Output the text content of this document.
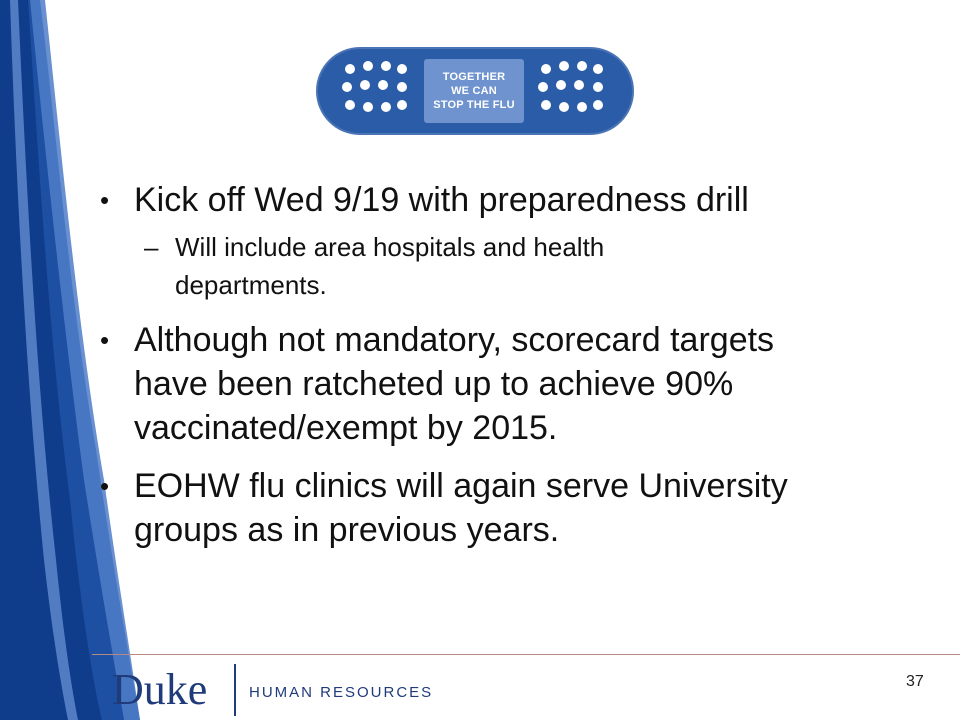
TOGETHER
WE CAN
STOP THE FLU
• Kick off Wed 9/19 with preparedness drill
– Will include area hospitals and health
departments.
• Although not mandatory, scorecard targets
have been ratcheted up to achieve 90%
vaccinated/exempt by 2015.
• EOHW flu clinics will again serve University
groups as in previous years.
Duke	HUMAN RESOURCES
37
